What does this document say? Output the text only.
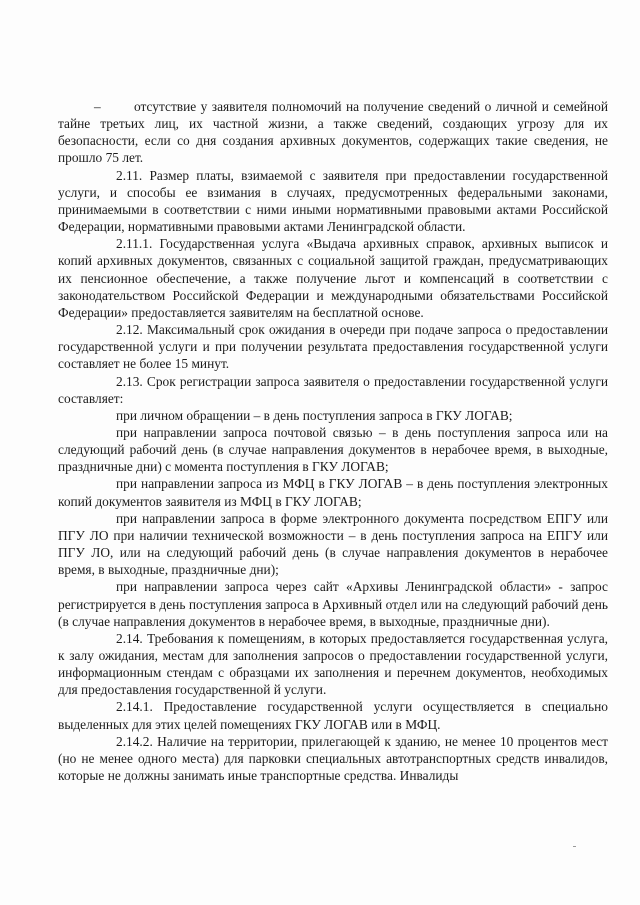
– отсутствие у заявителя полномочий на получение сведений о личной и семейной тайне третьих лиц, их частной жизни, а также сведений, создающих угрозу для их безопасности, если со дня создания архивных документов, содержащих такие сведения, не прошло 75 лет.

2.11. Размер платы, взимаемой с заявителя при предоставлении государственной услуги, и способы ее взимания в случаях, предусмотренных федеральными законами, принимаемыми в соответствии с ними иными нормативными правовыми актами Российской Федерации, нормативными правовыми актами Ленинградской области.

2.11.1. Государственная услуга «Выдача архивных справок, архивных выписок и копий архивных документов, связанных с социальной защитой граждан, предусматривающих их пенсионное обеспечение, а также получение льгот и компенсаций в соответствии с законодательством Российской Федерации и международными обязательствами Российской Федерации» предоставляется заявителям на бесплатной основе.

2.12. Максимальный срок ожидания в очереди при подаче запроса о предоставлении государственной услуги и при получении результата предоставления государственной услуги составляет не более 15 минут.

2.13. Срок регистрации запроса заявителя о предоставлении государственной услуги составляет:

при личном обращении – в день поступления запроса в ГКУ ЛОГАВ;

при направлении запроса почтовой связью – в день поступления запроса или на следующий рабочий день (в случае направления документов в нерабочее время, в выходные, праздничные дни) с момента поступления в ГКУ ЛОГАВ;

при направлении запроса из МФЦ в ГКУ ЛОГАВ – в день поступления электронных копий документов заявителя из МФЦ в ГКУ ЛОГАВ;

при направлении запроса в форме электронного документа посредством ЕПГУ или ПГУ ЛО при наличии технической возможности – в день поступления запроса на ЕПГУ или ПГУ ЛО, или на следующий рабочий день (в случае направления документов в нерабочее время, в выходные, праздничные дни);

при направлении запроса через сайт «Архивы Ленинградской области» - запрос регистрируется в день поступления запроса в Архивный отдел или на следующий рабочий день (в случае направления документов в нерабочее время, в выходные, праздничные дни).

2.14. Требования к помещениям, в которых предоставляется государственная услуга, к залу ожидания, местам для заполнения запросов о предоставлении государственной услуги, информационным стендам с образцами их заполнения и перечнем документов, необходимых для предоставления государственной й услуги.

2.14.1. Предоставление государственной услуги осуществляется в специально выделенных для этих целей помещениях ГКУ ЛОГАВ или в МФЦ.

2.14.2. Наличие на территории, прилегающей к зданию, не менее 10 процентов мест (но не менее одного места) для парковки специальных автотранспортных средств инвалидов, которые не должны занимать иные транспортные средства. Инвалиды
